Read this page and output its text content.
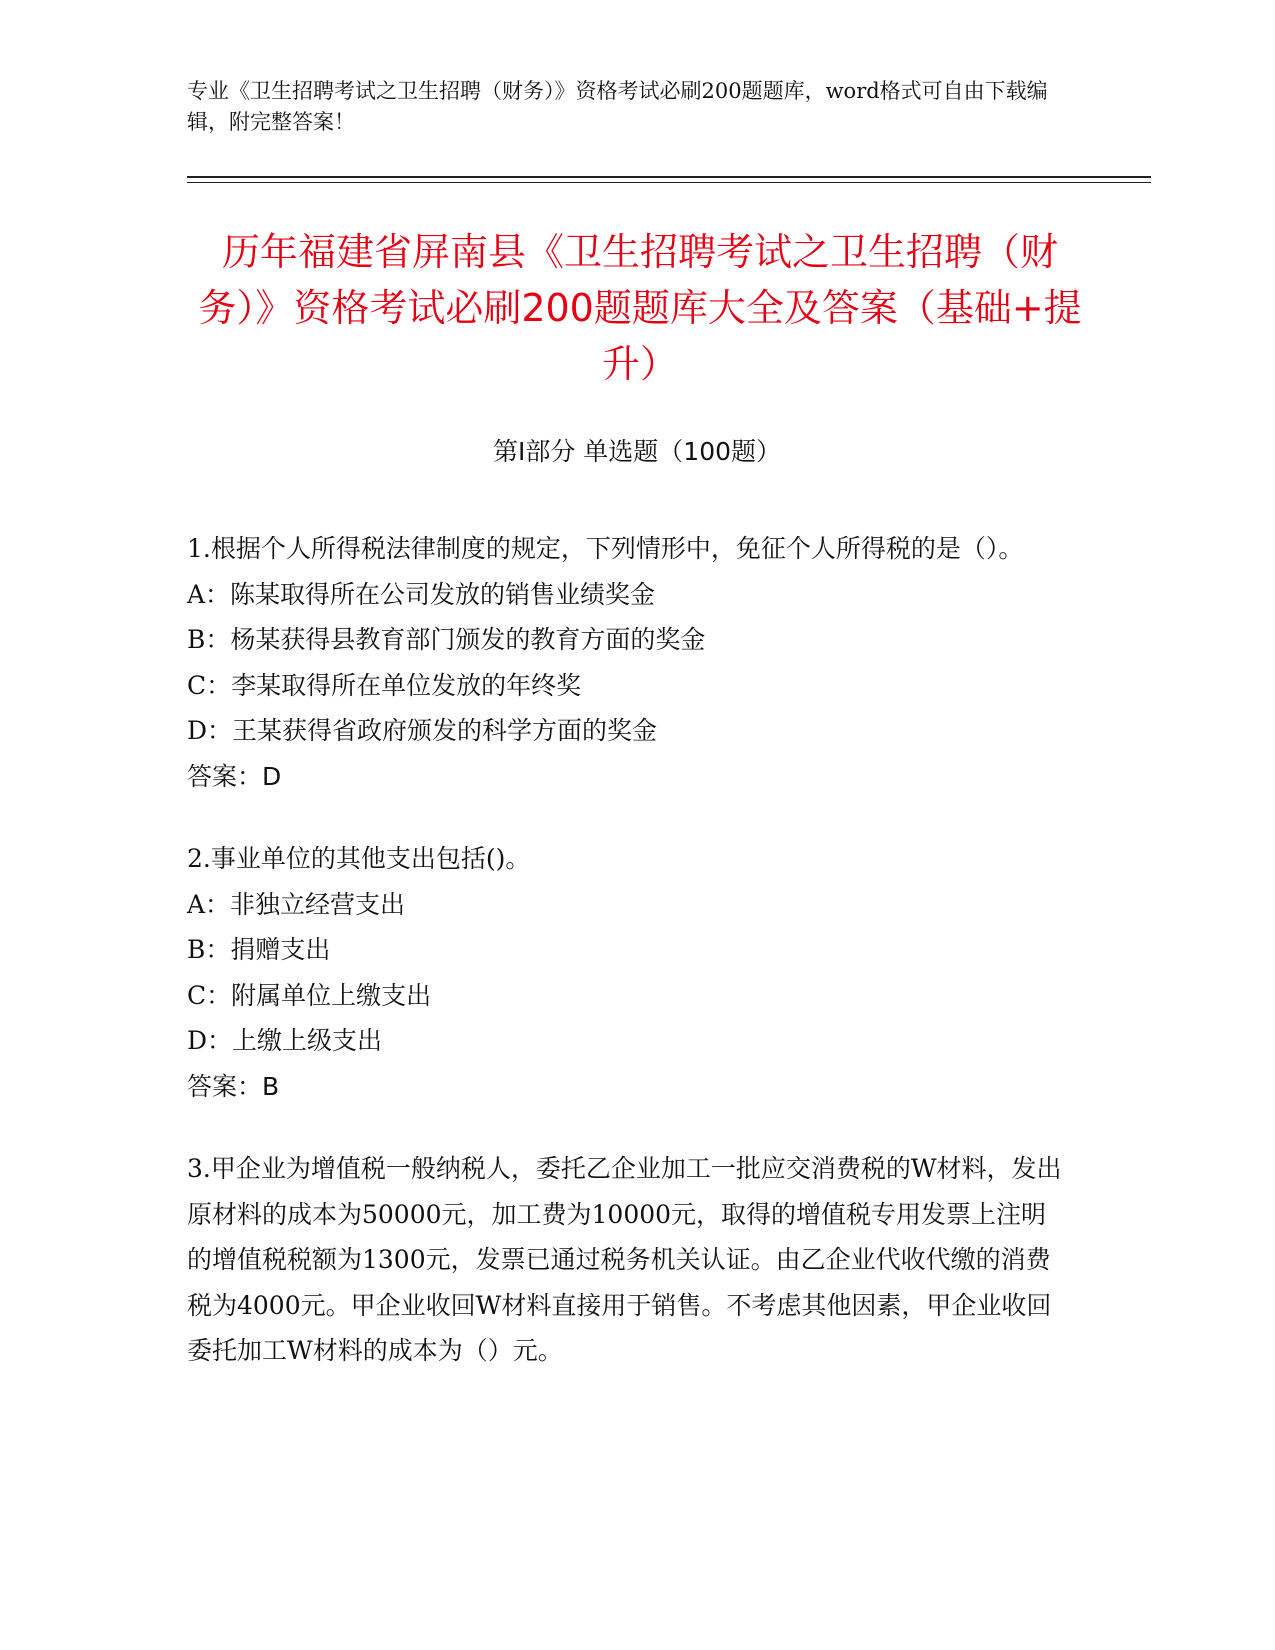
专业《卫生招聘考试之卫生招聘（财务）》资格考试必刷200题题库，word格式可自由下载编辑，附完整答案！
历年福建省屏南县《卫生招聘考试之卫生招聘（财务）》资格考试必刷200题题库大全及答案（基础+提升）
第Ⅰ部分 单选题（100题）
1.根据个人所得税法律制度的规定，下列情形中，免征个人所得税的是（）。
A：陈某取得所在公司发放的销售业绩奖金
B：杨某获得县教育部门颁发的教育方面的奖金
C：李某取得所在单位发放的年终奖
D：王某获得省政府颁发的科学方面的奖金
答案：D
2.事业单位的其他支出包括()。
A：非独立经营支出
B：捐赠支出
C：附属单位上缴支出
D：上缴上级支出
答案：B
3.甲企业为增值税一般纳税人，委托乙企业加工一批应交消费税的W材料，发出原材料的成本为50000元，加工费为10000元，取得的增值税专用发票上注明的增值税税额为1300元，发票已通过税务机关认证。由乙企业代收代缴的消费税为4000元。甲企业收回W材料直接用于销售。不考虑其他因素，甲企业收回委托加工W材料的成本为（）元。
